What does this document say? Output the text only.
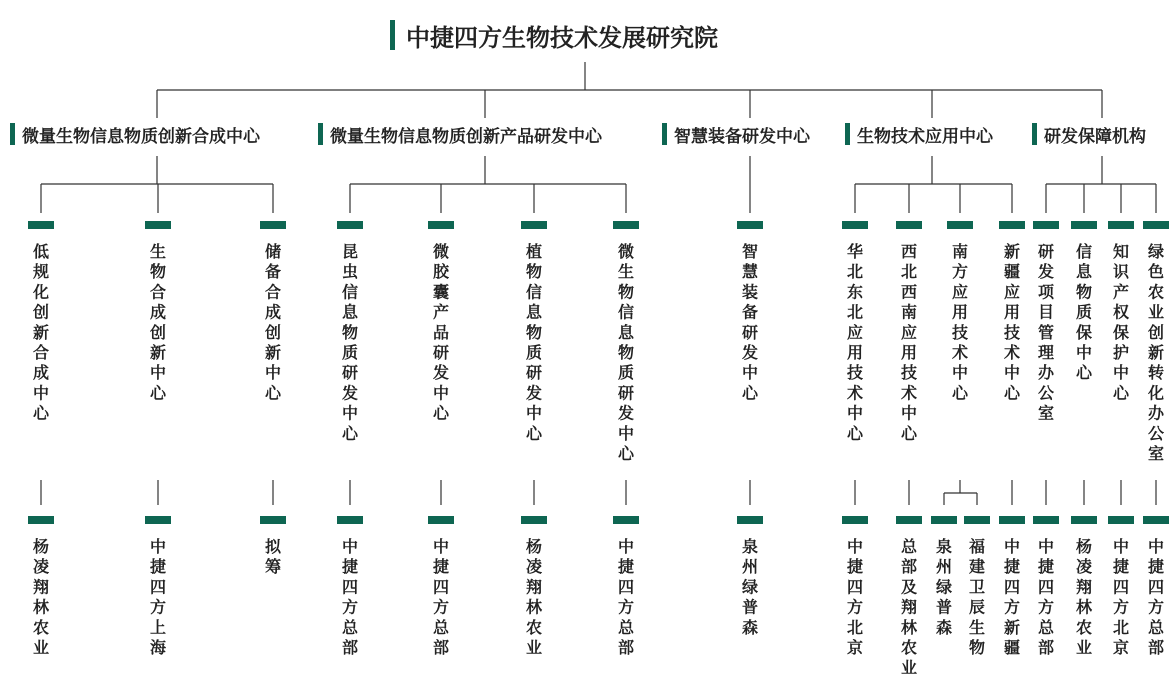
中捷四方生物技术发展研究院
微量生物信息物质创新合成中心
低规化创新合成中心
杨凌翔林农业
生物合成创新中心
中捷四方上海
储备合成创新中心
拟筹
微量生物信息物质创新产品研发中心
昆虫信息物质研发中心
中捷四方总部
微胶囊产品研发中心
中捷四方总部
植物信息物质研发中心
杨凌翔林农业
微生物信息物质研发中心
中捷四方总部
智慧装备研发中心
智慧装备研发中心
泉州绿普森
生物技术应用中心
华北东北应用技术中心
中捷四方北京
西北西南应用技术中心
总部及翔林农业
南方应用技术中心
泉州绿普森
福建卫辰生物
新疆应用技术中心
中捷四方新疆
研发保障机构
研发项目管理办公室
中捷四方总部
信息物质保中心
杨凌翔林农业
知识产权保护中心
中捷四方北京
绿色农业创新转化办公室
中捷四方总部
